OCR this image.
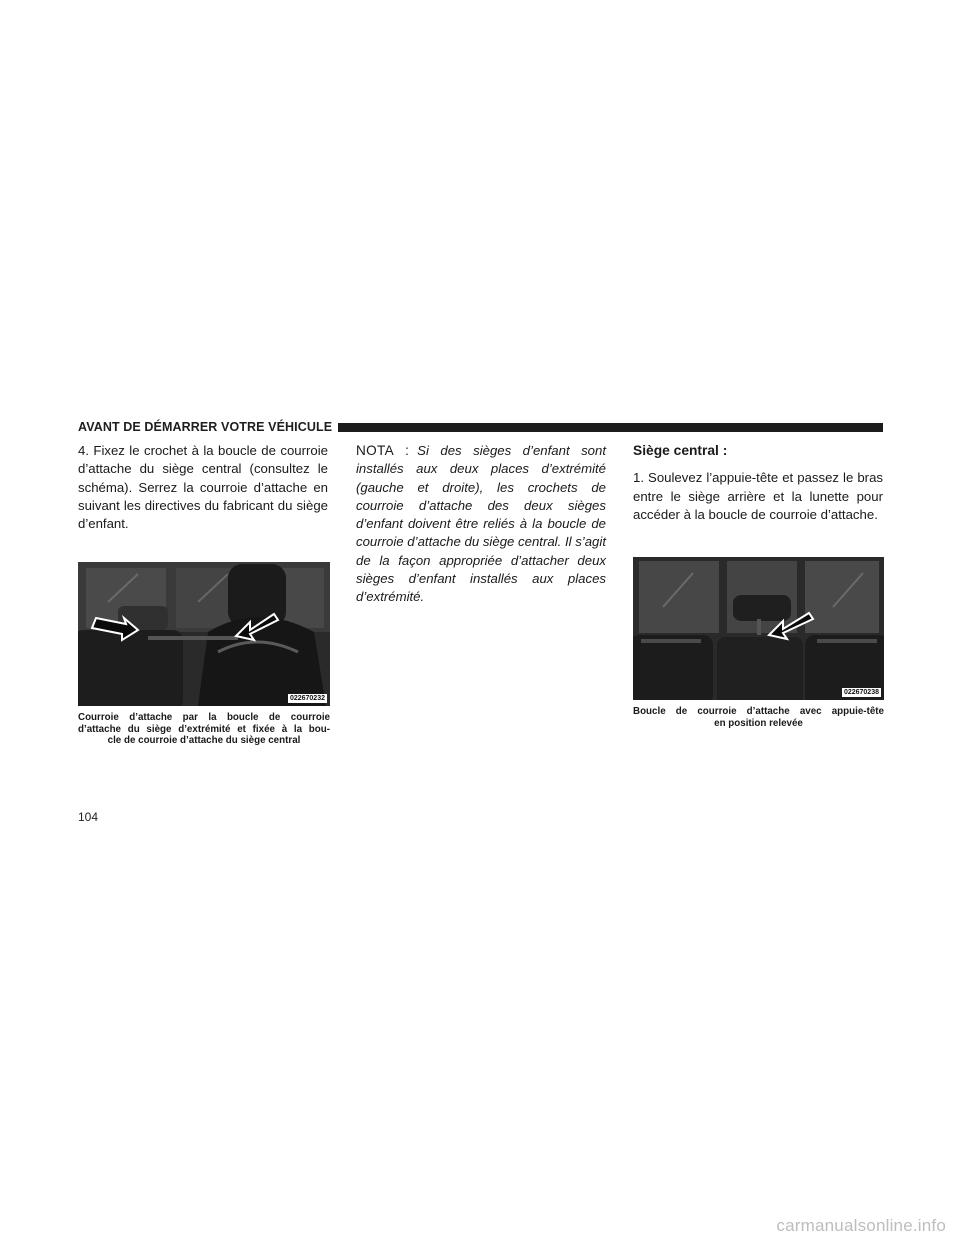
AVANT DE DÉMARRER VOTRE VÉHICULE

4. Fixez le crochet à la boucle de courroie d’attache du siège central (consultez le schéma). Serrez la courroie d’attache en suivant les directives du fabricant du siège d’enfant.

022670232
Courroie d’attache par la boucle de courroie
d’attache du siège d’extrémité et fixée à la bou-
cle de courroie d’attache du siège central

NOTA : Si des sièges d’enfant sont installés aux deux places d’extrémité (gauche et droite), les crochets de courroie d’attache des deux sièges d’enfant doivent être reliés à la boucle de courroie d’attache du siège central. Il s’agit de la façon appropriée d’attacher deux sièges d’enfant installés aux places d’extrémité.

Siège central :

1. Soulevez l’appuie-tête et passez le bras entre le siège arrière et la lunette pour accéder à la boucle de courroie d’attache.

022670238
Boucle de courroie d’attache avec appuie-tête
en position relevée
104
carmanualsonline.info
